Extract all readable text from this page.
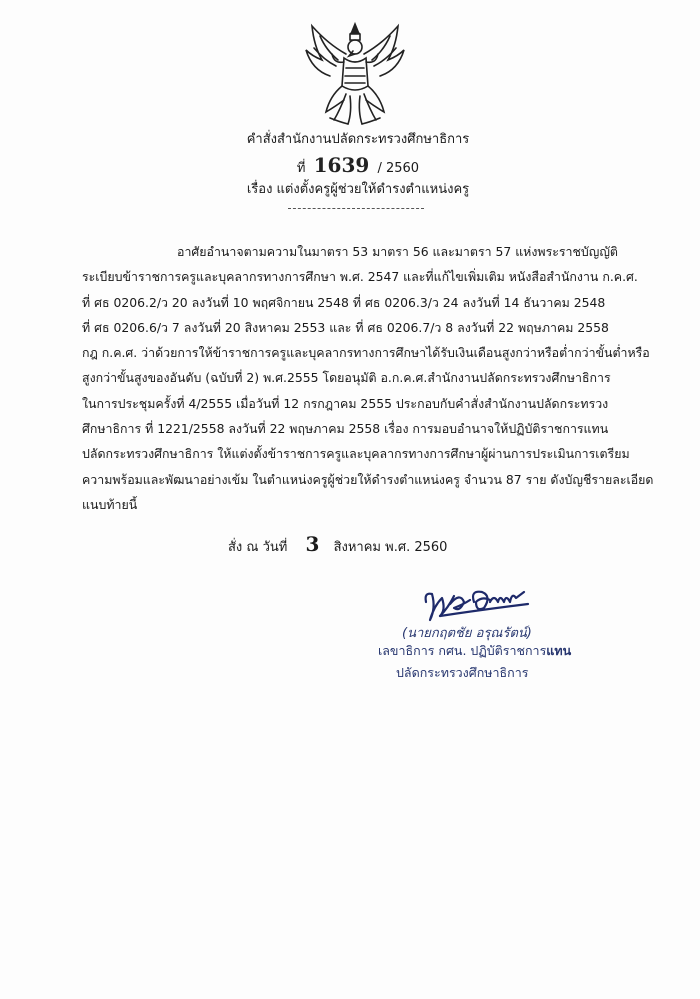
คำสั่งสำนักงานปลัดกระทรวงศึกษาธิการ
ที่ 1639 / 2560
เรื่อง แต่งตั้งครูผู้ช่วยให้ดำรงตำแหน่งครู
อาศัยอำนาจตามความในมาตรา 53 มาตรา 56 และมาตรา 57 แห่งพระราชบัญญัติ
ระเบียบข้าราชการครูและบุคลากรทางการศึกษา พ.ศ. 2547 และที่แก้ไขเพิ่มเติม หนังสือสำนักงาน ก.ค.ศ.
ที่ ศธ 0206.2/ว 20 ลงวันที่ 10 พฤศจิกายน 2548 ที่ ศธ 0206.3/ว 24 ลงวันที่ 14 ธันวาคม 2548
ที่ ศธ 0206.6/ว 7 ลงวันที่ 20 สิงหาคม 2553 และ ที่ ศธ 0206.7/ว 8 ลงวันที่ 22 พฤษภาคม 2558
กฎ ก.ค.ศ. ว่าด้วยการให้ข้าราชการครูและบุคลากรทางการศึกษาได้รับเงินเดือนสูงกว่าหรือต่ำกว่าขั้นต่ำหรือ
สูงกว่าขั้นสูงของอันดับ (ฉบับที่ 2) พ.ศ.2555 โดยอนุมัติ อ.ก.ค.ศ.สำนักงานปลัดกระทรวงศึกษาธิการ
ในการประชุมครั้งที่ 4/2555 เมื่อวันที่ 12 กรกฎาคม 2555 ประกอบกับคำสั่งสำนักงานปลัดกระทรวง
ศึกษาธิการ ที่ 1221/2558 ลงวันที่ 22 พฤษภาคม 2558 เรื่อง การมอบอำนาจให้ปฏิบัติราชการแทน
ปลัดกระทรวงศึกษาธิการ ให้แต่งตั้งข้าราชการครูและบุคลากรทางการศึกษาผู้ผ่านการประเมินการเตรียม
ความพร้อมและพัฒนาอย่างเข้ม ในตำแหน่งครูผู้ช่วยให้ดำรงตำแหน่งครู จำนวน 87 ราย ดังบัญชีรายละเอียด
แนบท้ายนี้
สั่ง ณ วันที่ 3 สิงหาคม พ.ศ. 2560
(นายกฤตชัย อรุณรัตน์)
เลขาธิการ กศน. ปฏิบัติราชการแทน
ปลัดกระทรวงศึกษาธิการ
